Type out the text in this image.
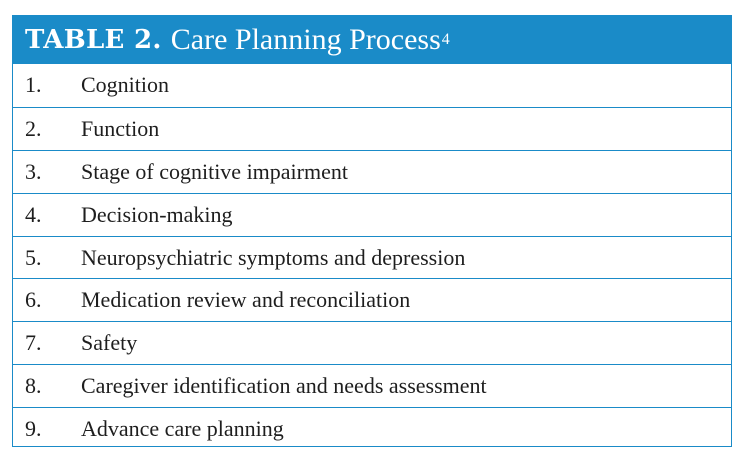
TABLE 2. Care Planning Process 4
1.	Cognition
2.	Function
3.	Stage of cognitive impairment
4.	Decision-making
5.	Neuropsychiatric symptoms and depression
6.	Medication review and reconciliation
7.	Safety
8.	Caregiver identification and needs assessment
9.	Advance care planning
